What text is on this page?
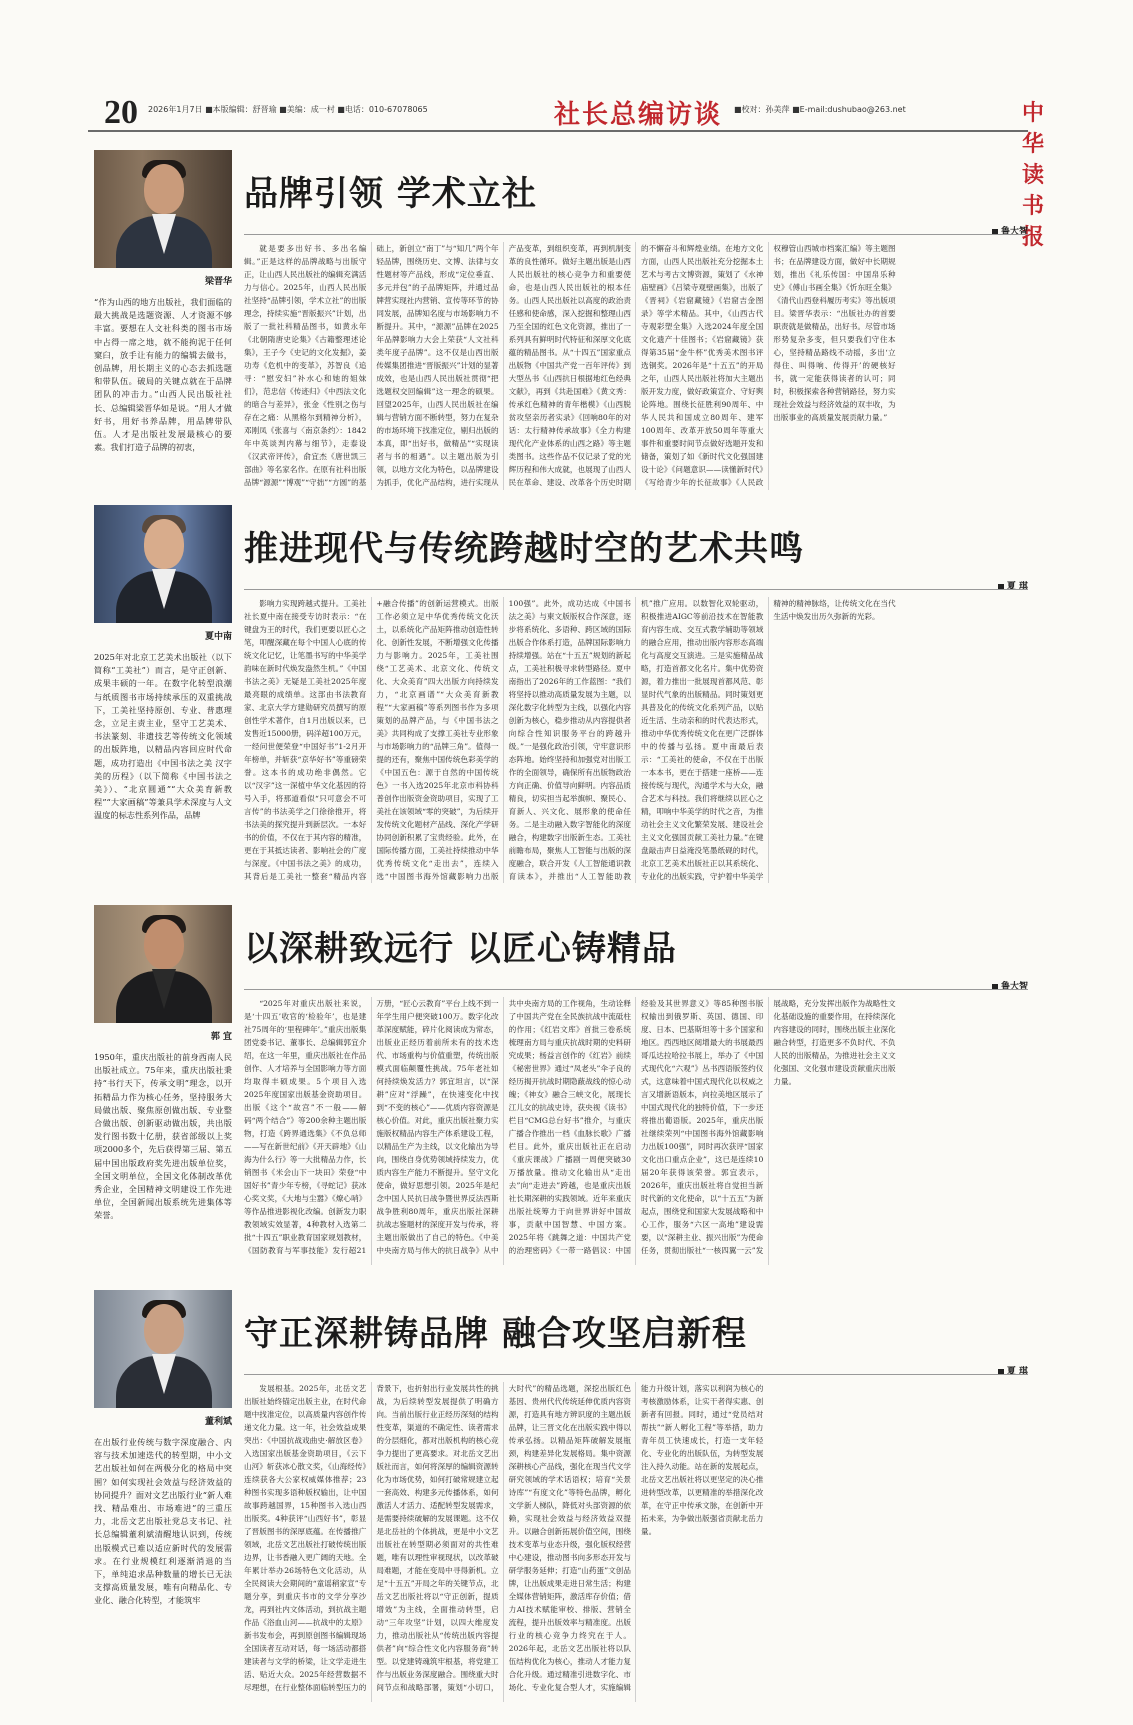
20 2026年1月7日 ■本版编辑：舒晋瑜 ■美编：成一村 ■电话：010-67078065	社长总编访谈 ■校对：孙美萍 ■E-mail:dushubao@263.net	中华读书报
梁晋华
“作为山西的地方出版社，我们面临的最大挑战是选题资源、人才资源不够丰富。要想在人文社科类的图书市场中占得一席之地，就不能拘泥于任何窠臼，放手让有能力的编辑去做书，创品牌，用长期主义的心态去抓选题和带队伍。破局的关键点就在于品牌团队的冲击力。”山西人民出版社社长、总编辑梁晋华如是说。“用人才做好书，用好书养品牌，用品牌带队伍。人才是出版社发展最核心的要素。我们打造子品牌的初衷，
品牌引领 学术立社
鲁大智

就是要多出好书、多出名编辑。”正是这样的品牌战略与出版守正，让山西人民出版社的编辑充满活力与信心。2025年，山西人民出版社坚持“品牌引领，学术立社”的出版理念，持续实施“晋版振兴”计划，出版了一批社科精品图书，如黄永年《北朝隋唐史论集》《古籍整理述论集》，王子今《史记的文化发掘》，姜功寿《危机中的变革》，苏智良《追寻：“慰安妇”补水心和她的姐妹们》，范忠信《传迹归》《中西法文化的暗合与差异》，张金《性别之伤与存在之痛：从黑格尔到精神分析》，邓刚凤《张喜与〈南京条约〉：1842年中英谈判内幕与细节》，走泰设《汉武帝评传》，俞宜杰《唐世凯三部曲》等名家名作。在原有社科出版品牌“源源”“博观”“守拙”“方圆”的基础上，新创立“南丁”与“知几”两个年轻品牌，围绕历史、文博、法律与女性题材等产品线，形成“定位垂直、多元并包”的子品牌矩阵，并通过品牌营实现社内营销、宣传等环节的协同发展，品牌知名度与市场影响力不断提升。其中，“源源”品牌在2025年品牌影响力大会上荣获“人文社科类年度子品牌”。这不仅是山西出版传媒集团推进“晋版振兴”计划的显著成效，也是山西人民出版社贯彻“把选题权交回编辑”这一理念的硕果。回望2025年，山西人民出版社在编辑与营销方面不断转型，努力在复杂的市场环境下找准定位，剔归出版的本真，即“出好书，做精品”“实现读者与书的相遇”。以主题出版为引领，以地方文化为特色，以品牌建设为抓手，优化产品结构，进行实现从产品变革，到组织变革，再到机制变革的良性循环。做好主题出版是山西人民出版社的核心竞争力和重要使命，也是山西人民出版社的根本任务。山西人民出版社以高度的政治责任感和使命感，深入挖掘和整理山西乃至全国的红色文化资源，推出了一系列具有鲜明时代特征和深厚文化底蕴的精品图书。从“十四五”国家重点出版物《中国共产党一百年评传》到大型丛书《山西抗日根据地红色经典文献》，再到《共赴国难》《黄文秀：传承红色精神的青年楷模》《山西脱贫攻坚亲历者实录》《回响80年的对话：太行精神传承故事》《全力构建现代化产业体系的山西之路》等主题类图书。这些作品不仅记录了党的光辉历程和伟大成就，也展现了山西人民在革命、建设、改革各个历史时期的不懈奋斗和辉煌业绩。在地方文化方面，山西人民出版社充分挖掘本土艺术与考古文博资源，策划了《水神庙壁画》《吕梁寺观壁画集》，出版了《晋祠》《岩窟藏镜》《岩窟吉金图录》等学术精品。其中，《山西古代寺观彩塑全集》入选2024年度全国文化遗产十佳图书；《岩窟藏镜》获得第35届“金牛杯”优秀美术图书评选铜奖。2026年是“十五五”的开局之年，山西人民出版社将加大主题出版开发力度，做好政策宣介、守好舆论阵地。围绕长征胜利90周年、中华人民共和国成立80周年、建军100周年、改革开放50周年等重大事件和重要时间节点做好选题开发和储备，策划了如《新时代文化强国建设十论》《问题意识——读懂新时代》《写给青少年的长征故事》《人民政权穆管山西城市档案汇编》等主题图书；在品牌建设方面，做好中长期规划，推出《礼乐传国：中国帛乐种史》《傅山书画全集》《忻东旺全集》《清代山西登科履历考实》等出版项目。梁晋华表示：“出版社办的首要职责就是做精品，出好书。尽管市场形势复杂多变，但只要我们守住本心，坚持精品路线不动摇，多出‘立得住、叫得响、传得开’的硬核好书，就一定能获得读者的认可；同时，积极探索各种营销路径，努力实现社会效益与经济效益的双丰收，为出版事业的高质量发展贡献力量。”

夏中南
2025年对北京工艺美术出版社（以下简称“工美社”）而言，是守正创新、成果丰硕的一年。在数字化转型浪潮与纸质图书市场持续承压的双重挑战下，工美社坚持原创、专业、普惠理念，立足主责主业，坚守工艺美术、书法篆刻、非遗技艺等传统文化领域的出版阵地，以精品内容回应时代命题，成功打造出《中国书法之美 汉字美的历程》（以下简称《中国书法之美》）、“北京圆通”“大众美育新教程”“大家画稿”等兼具学术深度与人文温度的标志性系列作品，品牌
推进现代与传统跨越时空的艺术共鸣
夏 琪

影响力实现跨越式提升。工美社社长夏中南在接受专访时表示：“在键盘为王的时代，我们更要以匠心之笔，叩醒深藏在每个中国人心底的传统文化记忆，让笔墨书写的中华美学韵味在新时代焕发盎然生机。”《中国书法之美》无疑是工美社2025年度最亮眼的成绩单。这部由书法教育家、北京大学方建勋研究员撰写的原创性学术著作，自1月出版以来，已发售近15000册，码洋超100万元，一经问世便荣登“中国好书”1-2月开年榜单，并斩获“京华好书”等重磅荣誉。这本书的成功绝非偶然。它以“汉字”这一深植中华文化基因的符号入手，将那道看似“只可意会不可言传”的书法美学之门徐徐推开，将书法美的探究提升到新层次。一本好书的价值，不仅在于其内容的精准，更在于其抵达读者、影响社会的广度与深度。《中国书法之美》的成功，其背后是工美社一整套“精品内容+融合传播”的创新运营模式。出版工作必须立足中华优秀传统文化沃土，以系统化产品矩阵推动创造性转化、创新性发展，不断增强文化传播力与影响力。2025年，工美社围绕“工艺美术、北京文化、传统文化、大众美育”四大出版方向持续发力，“北京画谱”“大众美育新教程”“大家画稿”等系列图书作为多项策划的品牌产品，与《中国书法之美》共同构成了支撑工美社专业形象与市场影响力的“品牌三角”。值得一提的还有，聚焦中国传统色彩美学的《中国五色：源于自然的中国传统色》一书入选2025年北京市科协科普创作出版资金资助项目，实现了工美社在该领域“零的突破”，为后续开发传统文化题材产品线、深化产学研协同创新积累了宝贵经验。此外，在国际传播方面，工美社持续推动中华优秀传统文化“走出去”，连续入选“中国图书海外馆藏影响力出版100强”。此外，成功达成《中国书法之美》与柬文版版权合作深意，逐步将系统化、多语种、跨区域的国际出版合作体系打造，品牌国际影响力持续增强。站在“十五五”规划的新起点，工美社积极寻求转型路径。夏中南指出了2026年的工作蓝图：“我们将坚持以推动高质量发展为主题，以深化数字化转型为主线，以强化内容创新为核心，稳步推动从内容提供者向综合性知识服务平台的跨越升级。”一是强化政治引领，守牢意识形态阵地。始终坚持和加强党对出版工作的全面领导，确保所有出版物政治方向正确、价值导向鲜明。内容品质精良，切实担当起举旗帜、聚民心、育新人、兴文化、展形象的使命任务。二是主动融入数字智能化的深度融合，构建数字出版新生态。工美社前瞻布局，聚焦人工智能与出版的深度融合，联合开发《人工智能通识教育读本》，并推出“人工智能助教机”推广应用。以数智化双轮驱动，积极推进AIGC等前沿技术在智能教育内容生成、交互式教学辅助等领域的融合应用，推动出版内容形态高端化与高度交互演进。三是实施精品战略，打造首都文化名片。集中优势资源，着力推出一批展现首都风范、彰显时代气象的出版精品。同时策划更具普及化的传统文化系列产品，以贴近生活、生动亲和的时代表达形式，推动中华优秀传统文化在更广泛群体中的传播与弘扬。夏中南最后表示：“工美社的使命，不仅在于出版一本本书，更在于搭建一座桥——连接传统与现代，沟通学术与大众，融合艺术与科技。我们将继续以匠心之精，叩响中华美学的时代之音，为推动社会主义文化繁荣发展、建设社会主义文化强国贡献工美社力量。”在键盘敲击声日益淹没笔墨纸砚的时代，北京工艺美术出版社正以其系统化、专业化的出版实践，守护着中华美学精神的精神脉络，让传统文化在当代生活中焕发出历久弥新的光彩。

郭 宜
1950年，重庆出版社的前身西南人民出版社成立。75年来，重庆出版社秉持“书行天下，传承文明”理念，以开拓精品力作为核心任务，坚持服务大局做出版、聚焦原创做出版、专业整合做出版、创新驱动做出版，共出版发行图书数十亿册，获省部级以上奖项2000多个，先后获得第三届、第五届中国出版政府奖先进出版单位奖，全国文明单位，全国文化体制改革优秀企业，全国精神文明建设工作先进单位，全国新闻出版系统先进集体等荣誉。
以深耕致远行 以匠心铸精品
鲁大智

“2025年对重庆出版社来说，是‘十四五’收官的‘检验年’，也是建社75周年的‘里程碑年’。”重庆出版集团党委书记、董事长、总编辑郭宜介绍，在这一年里，重庆出版社在作品创作、人才培养与全国影响力等方面均取得丰硕成果。5个项目入选2025年度国家出版基金资助项目。出版《这个“故宫”不一般——解码“两个结合”》等200余种主题出版物，打造《跨界通选集》《不负总师——写在新世纪前》《开天辟地》《山海为什么行》等一大批精品力作，长销图书《米会山下一块田》荣登“中国好书”青少年专榜，《寻蛇记》获冰心奖文奖，《大地与尘嚣》《燎心哨》等作品推进影视化改编。创新发力职教领域实效显著，4种教材入选第二批“十四五”职业教育国家规划教材，《国防教育与军事技能》发行超21万册，“匠心云教育”平台上线不到一年学生用户便突破100万。数字化改革深度赋能，碎片化阅读成为常态，出版业正经历着前所未有的技术迭代、市场重构与价值重塑，传统出版模式面临颠覆性挑战。75年老社如何持续焕发活力？郭宜坦言，以“深耕”应对“浮躁”，在快速变化中找到“不变的核心”——优质内容资源是核心价值。对此，重庆出版社聚力实施版权精品内容生产体系建设工程，以精品生产为主线，以文化输出为导向，围绕自身优势领域持续发力，优质内容生产能力不断提升。坚守文化使命，做好思想引领。2025年是纪念中国人民抗日战争暨世界反法西斯战争胜利80周年，重庆出版社深耕抗战志鉴题材的深度开发与传承，将主题出版做出了自己的特色。《中美中央南方局与伟大的抗日战争》从中共中央南方局的工作视角，生动诠释了中国共产党在全民族抗战中流砥柱的作用；《红岩文库》首批三卷系统梳理南方局与重庆抗战时期的史料研究成果；杨益言创作的《红岩》前续《秘密世界》通过“凤老头”伞子良的经历揭开抗战时期隐蔽战线的惊心动魄；《神女》融合三峡文化，展现长江儿女的抗战史诗，获央视《读书》栏目“CMG总台好书”推介，与重庆广播合作推出一档《血脉长歌》广播栏目。此外，重庆出版社正在启动《重庆课战》广播剧一周便突破30万播放量。推动文化输出从“走出去”向“走进去”跨越，也是重庆出版社长期深耕的实践领域。近年来重庆出版社统筹力于向世界讲好中国故事，贡献中国智慧、中国方案。2025年将《跳舞之道：中国共产党的治理密码》《一带一路倡议：中国经验及其世界意义》等85种图书版权输出到俄罗斯、英国、德国、印度、日本、巴基斯坦等十多个国家和地区。西西地区阅增最大的书展最西哥瓜达拉哈拉书展上，举办了《中国式现代化“六观”》丛书西语版签约仪式，这意味着中国式现代化以权威之言又增新语版本，向拉美地区展示了中国式现代化的独特价值，下一步还将推出葡语版。2025年，重庆出版社继续荣列“中国图书海外馆藏影响力出版100强”，同时再次获评“国家文化出口重点企业”，这已是连续10届20年获得该荣誉。郭宜表示，2026年，重庆出版社将自觉担当新时代新的文化使命，以“十五五”为新起点，围绕党和国家大发展战略和中心工作，服务“六区一高地”建设需要，以“深耕主业、振兴出版”为使命任务，贯彻出版社“一核四翼一云”发展战略，充分发挥出版作为战略性文化基础设施的重要作用，在持续深化内容建设的同时，围绕出版主业深化融合转型，打造更多不负时代、不负人民的出版精品，为推进社会主义文化强国、文化强市建设贡献重庆出版力量。

董利斌
在出版行业传统与数字深度融合、内容与技术加速迭代的转型期，中小文艺出版社如何在两极分化的格局中突围？如何实现社会效益与经济效益的协同提升？面对文艺出版行业“新人难找、精品难出、市场难进”的三重压力，北岳文艺出版社党总支书记、社长总编辑董利斌清醒地认识到，传统出版模式已难以适应新时代的发展需求。在行业规模红利逐渐消退的当下，单纯追求品种数量的增长已无法支撑高质量发展，唯有向精品化、专业化、融合化转型，才能筑牢
守正深耕铸品牌 融合攻坚启新程
夏 琪

发展根基。2025年，北岳文艺出版社始终锚定出版主业，在时代命题中找准定位，以高质量内容创作传递文化力量。这一年，社会效益成果突出：《中国抗战戏曲史·解放区卷》入选国家出版基金资助项目，《云下山河》斩获冰心散文奖，《山海经传》连续获各大公家权威媒体推荐；23种图书实现多语种版权输出，让中国故事跨越国界，15种图书入选山西出版奖。4种获评“山西好书”，彰显了晋版图书的深厚底蕴。在传播推广领域，北岳文艺出版社打破传统出版边界，让书香融入更广阔的天地。全年累计举办26场特色文化活动，从全民阅读大会期间的“童谣稍家宣”专题分享，到重庆书市的文学分享沙龙，再到社内文体活动，到抗战主题作品《浴血山河——抗战中的太原》新书发布会，再到原创图书编辑现场全国读者互动对话，每一场活动都搭建读者与文学的桥梁，让文学走进生活、贴近大众。2025年经营数据不尽理想，在行业整体面临转型压力的背景下，也折射出行业发展共性的挑战，为后续转型发展提供了明确方向。当前出版行业正经历深刻的结构性变革，渠道的不确定性、读者需求的分层细化，都对出版机构的核心竞争力提出了更高要求。对北岳文艺出版社而言，如何将深厚的编辑资源转化为市场优势，如何打破常规建立起一套高效、构建多元传播体系，如何激活人才活力、适配转型发展需求，是需要持续破解的发展课题。这不仅是北岳社的个体挑战，更是中小文艺出版社在转型期必须面对的共性难题，唯有以理性审视现状，以改革破局难题，才能在变局中寻得新机。立足“十五五”开局之年的关键节点，北岳文艺出版社将以“守正创新，提质增效”为主线，全面推动转型，启动“三年攻坚”计划，以四大维度发力，推动出版社从“传统出版内容提供者”向“综合性文化内容服务商”转型。以党建铸魂筑牢根基，将党建工作与出版业务深度融合。围绕重大时间节点和战略部署，策划“小切口，大时代”的精品选题，深挖出版红色基因、贵州代代传统延伸优质内容资源，打造具有地方辨识度的主题出版品牌，让三晋文化在出版实践中得以传承弘扬。以精品矩阵破解发展瓶颈，构建差异化发展格局。集中资源深耕核心产品线，强化在现当代文学研究领域的学术话语权；培育“关景诗库”“有度文化”等特色品牌，孵化文学新人梯队，降低对头部资源的依赖，实现社会效益与经济效益双提升。以融合创新拓展价值空间，围绕技术变革与业态升级，强化版权经营中心建设，推动图书向多形态开发与研学服务延伸；打造“山药蛋”文创品牌，让出版成果走进日常生活；构建全媒体营销矩阵，激活库存价值；借力AI技术赋能审校、排版、营销全流程，提升出版效率与精准度。出版行业的核心竞争力终究在于人。2026年起，北岳文艺出版社将以队伍结构优化为核心，推动人才能力复合化升级。通过精准引进数字化、市场化、专业化复合型人才，实施编辑能力升级计划，落实以利润为核心的考核激励体系，让实干者得实惠、创新者有回报。同时，通过“党员结对帮扶”“新人孵化工程”等举措，助力青年员工快速成长，打造一支年轻化、专业化的出版队伍，为转型发展注入持久动能。站在新的发展起点，北岳文艺出版社将以更坚定的决心推进转型改革，以更精准的举措深化改革，在守正中传承文脉，在创新中开拓未来，为争做出版强省贡献北岳力量。
